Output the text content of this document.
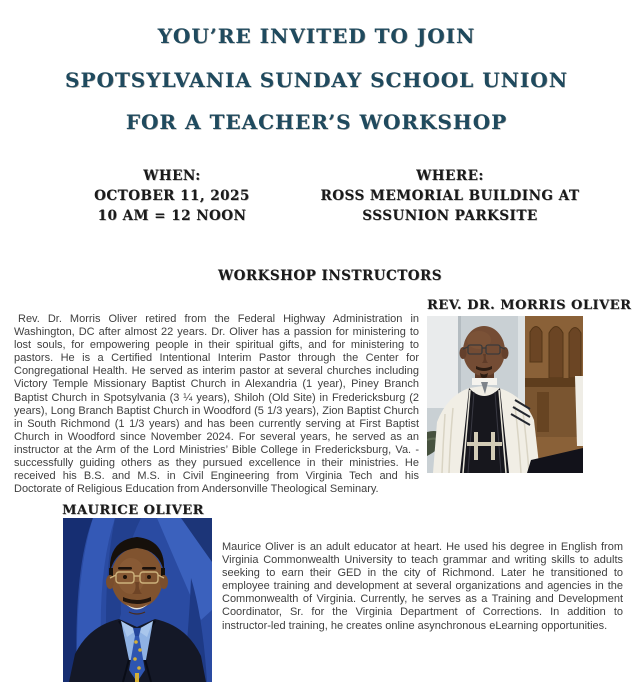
YOU’RE INVITED TO JOIN
SPOTSYLVANIA SUNDAY SCHOOL UNION
FOR A TEACHER’S WORKSHOP
WHEN:
OCTOBER 11, 2025
10 AM = 12 NOON
WHERE:
ROSS MEMORIAL BUILDING AT
SSSUNION PARKSITE
WORKSHOP INSTRUCTORS

Rev. Dr. Morris Oliver retired from the Federal Highway Administration in Washington, DC after almost 22 years. Dr. Oliver has a passion for ministering to lost souls, for empowering people in their spiritual gifts, and for ministering to pastors. He is a Certified Intentional Interim Pastor through the Center for Congregational Health. He served as interim pastor at several churches including Victory Temple Missionary Baptist Church in Alexandria (1 year), Piney Branch Baptist Church in Spotsylvania (3 ¼ years), Shiloh (Old Site) in Fredericksburg (2 years), Long Branch Baptist Church in Woodford (5 1/3 years), Zion Baptist Church in South Richmond (1 1/3 years) and has been currently serving at First Baptist Church in Woodford since November 2024. For several years, he served as an instructor at the Arm of the Lord Ministries’ Bible College in Fredericksburg, Va. - successfully guiding others as they pursued excellence in their ministries. He received his B.S. and M.S. in Civil Engineering from Virginia Tech and his Doctorate of Religious Education from Andersonville Theological Seminary.

REV. DR. MORRIS OLIVER
MAURICE OLIVER

Maurice Oliver is an adult educator at heart. He used his degree in English from Virginia Commonwealth University to teach grammar and writing skills to adults seeking to earn their GED in the city of Richmond. Later he transitioned to employee training and development at several organizations and agencies in the Commonwealth of Virginia. Currently, he serves as a Training and Development Coordinator, Sr. for the Virginia Department of Corrections. In addition to instructor-led training, he creates online asynchronous eLearning opportunities.
